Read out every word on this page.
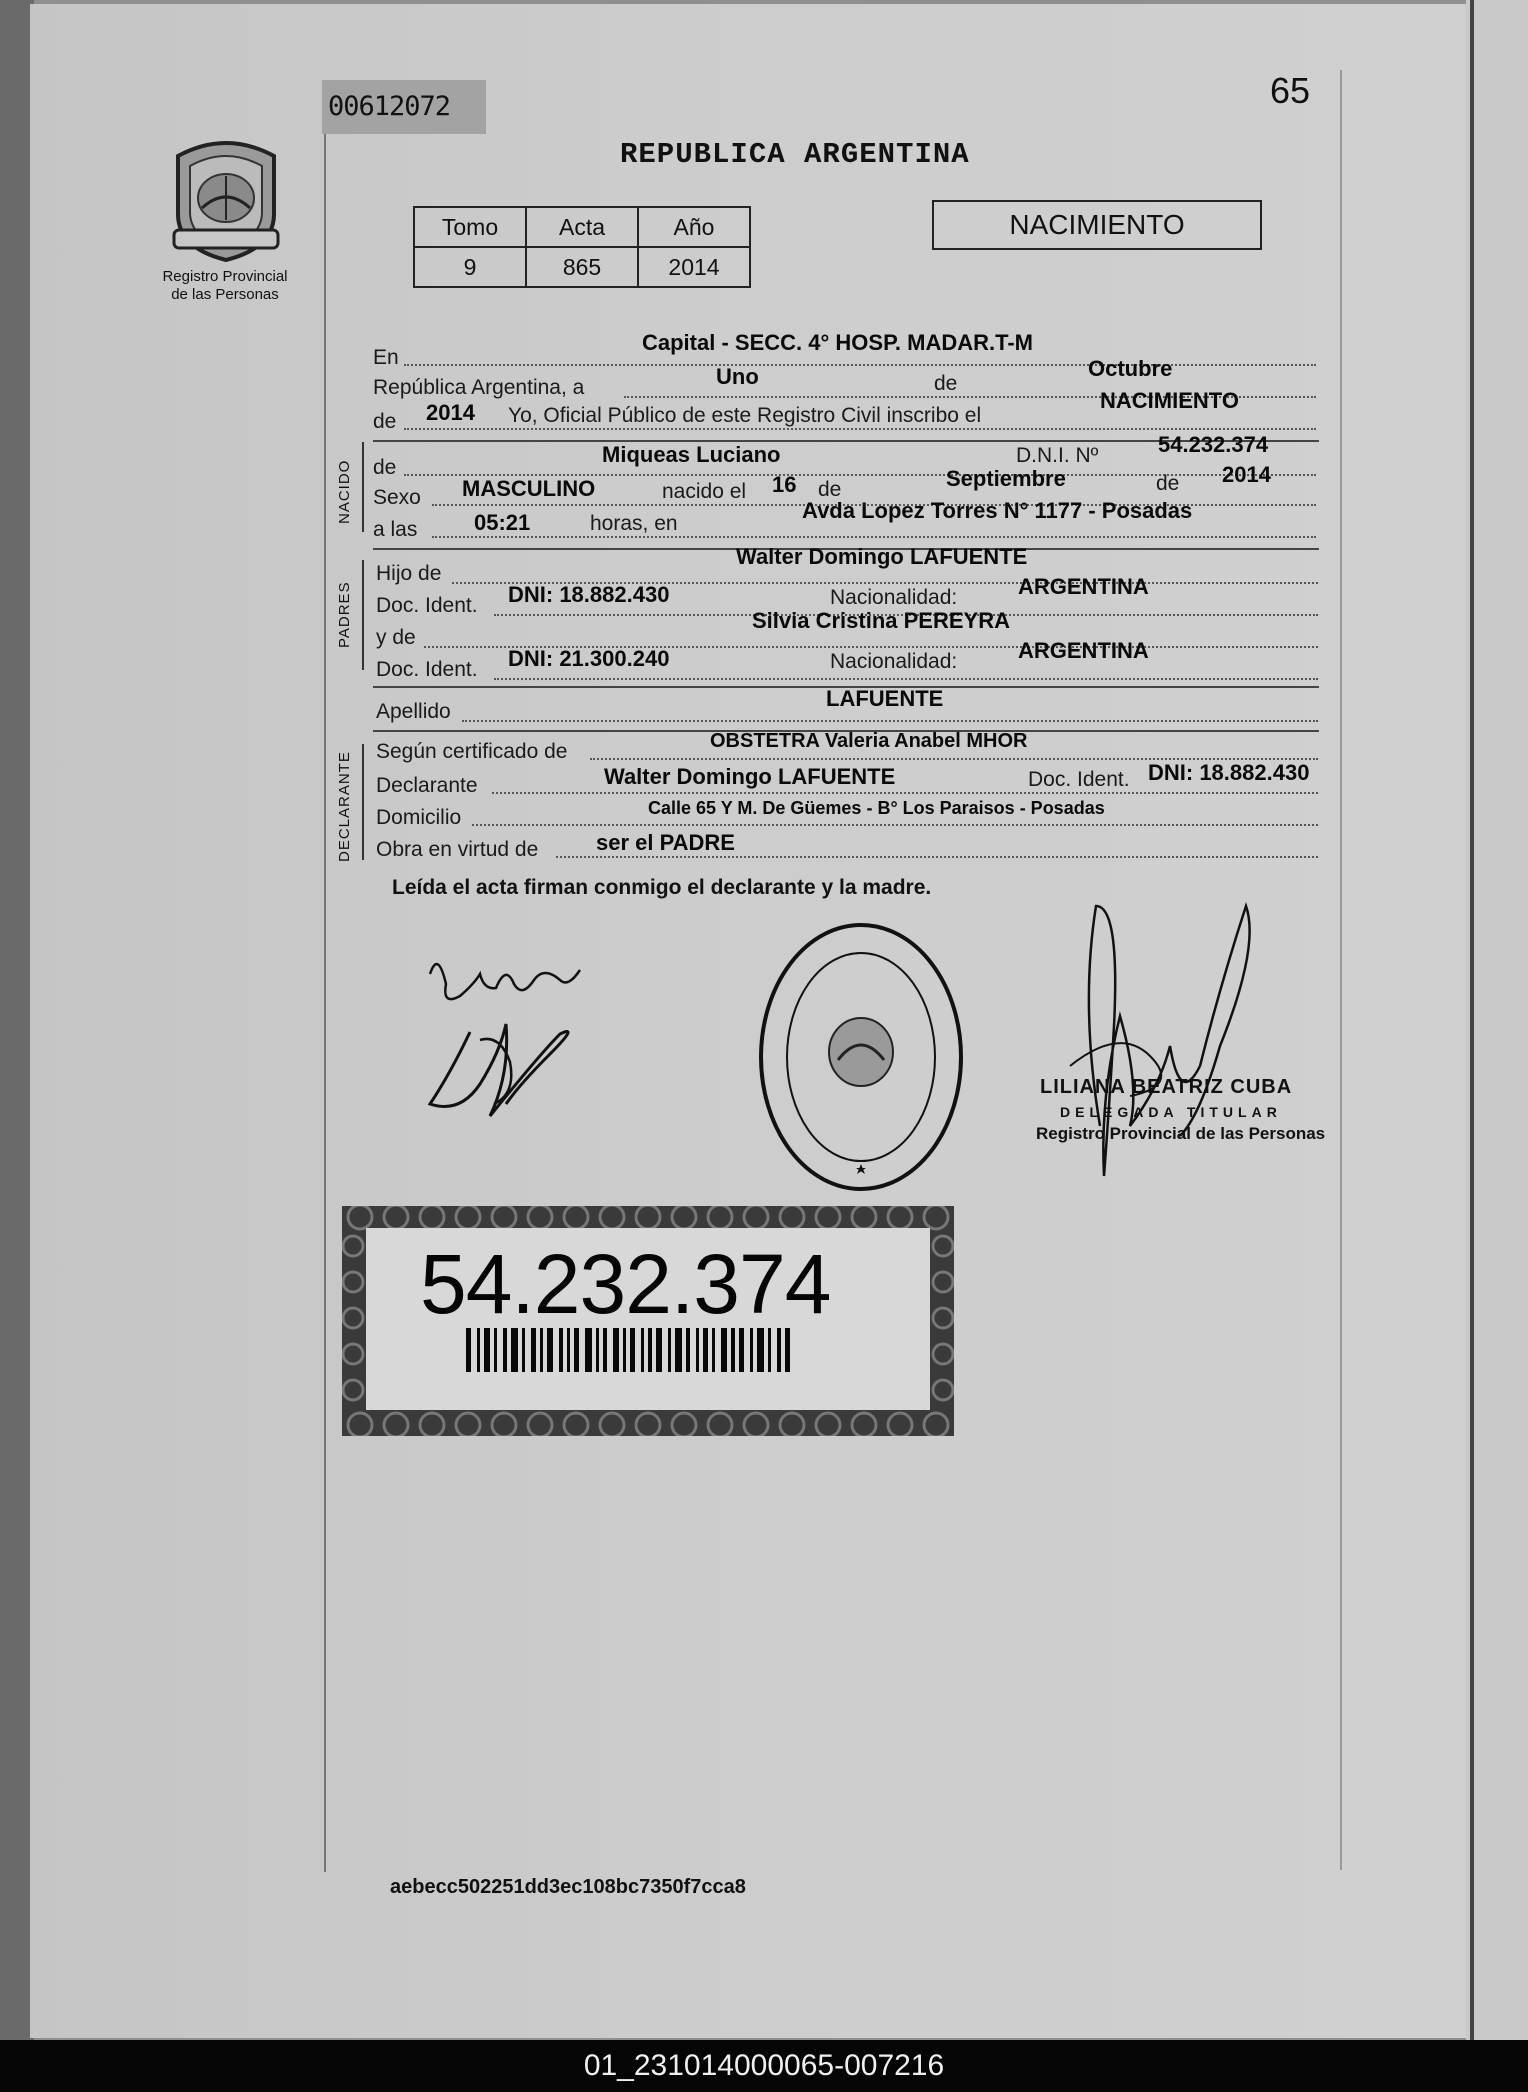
00612072	65
REPUBLICA ARGENTINA
Registro Provincial
de las Personas
Tomo	Acta	Año
9	865	2014
NACIMIENTO
En
Capital - SECC. 4° HOSP. MADAR.T-M
República Argentina, a	Uno	de
Octubre
de 2014 Yo, Oficial Público de este Registro Civil inscribo el
NACIMIENTO
NACIDO de
Miqueas Luciano	D.N.I. Nº	54.232.374
Sexo MASCULINO	nacido el 16 de	Septiembre	de 2014
a las	05:21	horas, en
Avda Lopez Torres N° 1177 - Posadas
PADRES
Hijo de
Walter Domingo LAFUENTE
Doc. Ident. DNI: 18.882.430	Nacionalidad:	ARGENTINA
y de
Silvia Cristina PEREYRA
Doc. Ident. DNI: 21.300.240	Nacionalidad:	ARGENTINA
Apellido
LAFUENTE
DECLARANTE Según certificado de	OBSTETRA Valeria Anabel MHOR
Declarante	Walter Domingo LAFUENTE	Doc. Ident. DNI: 18.882.430
Domicilio	Calle 65 Y M. De Güemes - B° Los Paraisos - Posadas
Obra en virtud de	ser el PADRE
Leída el acta firman conmigo el declarante y la madre.
LILIANA BEATRIZ CUBA
DELEGADA TITULAR
Registro Provincial de las Personas
54.232.374
aebecc502251dd3ec108bc7350f7cca8
01_231014000065-007216
